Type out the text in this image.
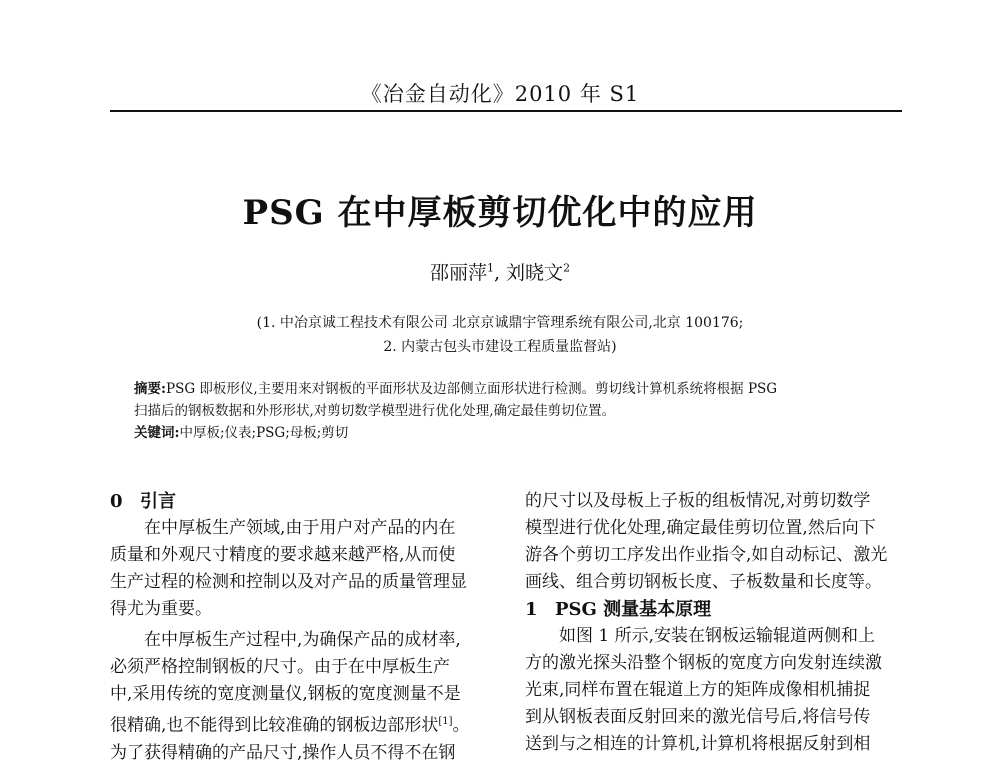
《冶金自动化》2010 年 S1
PSG 在中厚板剪切优化中的应用
邵丽萍$^1$, 刘晓文$^2$
(1. 中冶京诚工程技术有限公司 北京京诚鼎宇管理系统有限公司,北京 100176;
2. 内蒙古包头市建设工程质量监督站)
摘要:PSG 即板形仪,主要用来对钢板的平面形状及边部侧立面形状进行检测。剪切线计算机系统将根据 PSG
扫描后的钢板数据和外形形状,对剪切数学模型进行优化处理,确定最佳剪切位置。
关键词:中厚板;仪表;PSG;母板;剪切
0 引言
在中厚板生产领域,由于用户对产品的内在
质量和外观尺寸精度的要求越来越严格,从而使
生产过程的检测和控制以及对产品的质量管理显
得尤为重要。
在中厚板生产过程中,为确保产品的成材率,
必须严格控制钢板的尺寸。由于在中厚板生产
中,采用传统的宽度测量仪,钢板的宽度测量不是
很精确,也不能得到比较准确的钢板边部形状[1]。
为了获得精确的产品尺寸,操作人员不得不在钢
的尺寸以及母板上子板的组板情况,对剪切数学
模型进行优化处理,确定最佳剪切位置,然后向下
游各个剪切工序发出作业指令,如自动标记、激光
画线、组合剪切钢板长度、子板数量和长度等。
1 PSG 测量基本原理
如图 1 所示,安装在钢板运输辊道两侧和上
方的激光探头沿整个钢板的宽度方向发射连续激
光束,同样布置在辊道上方的矩阵成像相机捕捉
到从钢板表面反射回来的激光信号后,将信号传
送到与之相连的计算机,计算机将根据反射到相
